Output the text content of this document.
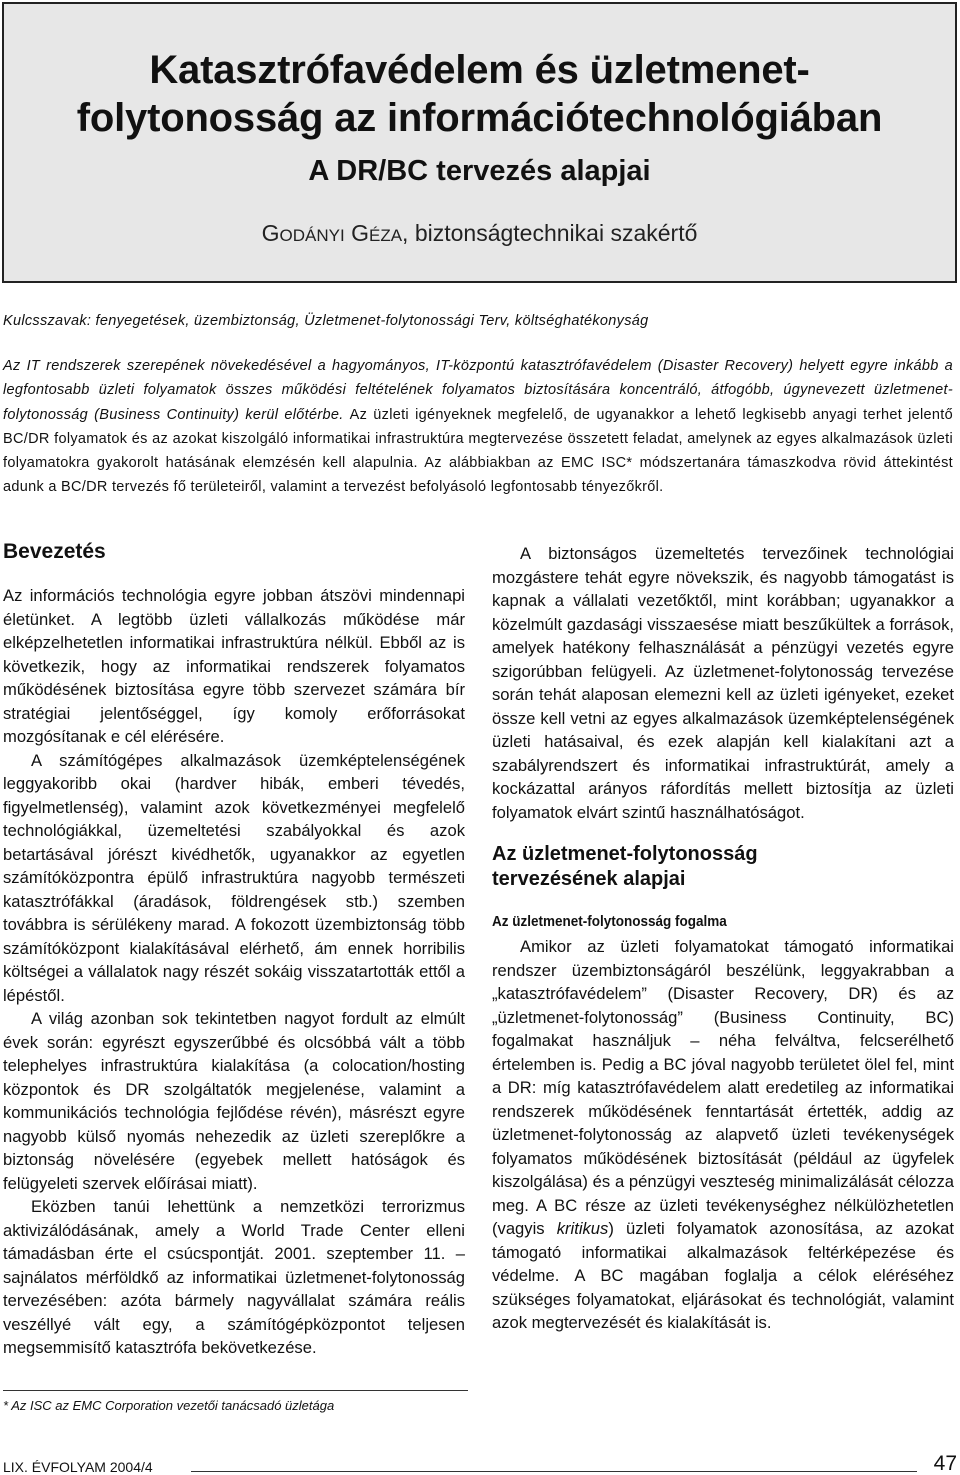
Katasztrófavédelem és üzletmenet-
folytonosság az információtechnológiában
A DR/BC tervezés alapjai
GODÁNYI GÉZA, biztonságtechnikai szakértő
Kulcsszavak: fenyegetések, üzembiztonság, Üzletmenet-folytonossági Terv, költséghatékonyság
Az IT rendszerek szerepének növekedésével a hagyományos, IT-központú katasztrófavédelem (Disaster Recovery) helyett egyre inkább a legfontosabb üzleti folyamatok összes működési feltételének folyamatos biztosítására koncentráló, átfogóbb, úgynevezett üzletmenet-folytonosság (Business Continuity) kerül előtérbe. Az üzleti igényeknek megfelelő, de ugyanakkor a lehető legkisebb anyagi terhet jelentő BC/DR folyamatok és az azokat kiszolgáló informatikai infrastruktúra megtervezése összetett feladat, amelynek az egyes alkalmazások üzleti folyamatokra gyakorolt hatásának elemzésén kell alapulnia. Az alábbiakban az EMC ISC* módszertanára támaszkodva rövid áttekintést adunk a BC/DR tervezés fő területeiről, valamint a tervezést befolyásoló legfontosabb tényezőkről.
Bevezetés

Az információs technológia egyre jobban átszövi mindennapi életünket. A legtöbb üzleti vállalkozás működése már elképzelhetetlen informatikai infrastruktúra nélkül. Ebből az is következik, hogy az informatikai rendszerek folyamatos működésének biztosítása egyre több szervezet számára bír stratégiai jelentőséggel, így komoly erőforrásokat mozgósítanak e cél elérésére.

A számítógépes alkalmazások üzemképtelenségének leggyakoribb okai (hardver hibák, emberi tévedés, figyelmetlenség), valamint azok következményei megfelelő technológiákkal, üzemeltetési szabályokkal és azok betartásával jórészt kivédhetők, ugyanakkor az egyetlen számítóközpontra épülő infrastruktúra nagyobb természeti katasztrófákkal (áradások, földrengések stb.) szemben továbbra is sérülékeny marad. A fokozott üzembiztonság több számítóközpont kialakításával elérhető, ám ennek horribilis költségei a vállalatok nagy részét sokáig visszatartották ettől a lépéstől.

A világ azonban sok tekintetben nagyot fordult az elmúlt évek során: egyrészt egyszerűbbé és olcsóbbá vált a több telephelyes infrastruktúra kialakítása (a colocation/hosting központok és DR szolgáltatók megjelenése, valamint a kommunikációs technológia fejlődése révén), másrészt egyre nagyobb külső nyomás nehezedik az üzleti szereplőkre a biztonság növelésére (egyebek mellett hatóságok és felügyeleti szervek előírásai miatt).

Eközben tanúi lehettünk a nemzetközi terrorizmus aktivizálódásának, amely a World Trade Center elleni támadásban érte el csúcspontját. 2001. szeptember 11. – sajnálatos mérföldkő az informatikai üzletmenet-folytonosság tervezésében: azóta bármely nagyvállalat számára reális veszéllyé vált egy, a számítógépközpontot teljesen megsemmisítő katasztrófa bekövetkezése.

A biztonságos üzemeltetés tervezőinek technológiai mozgástere tehát egyre növekszik, és nagyobb támogatást is kapnak a vállalati vezetőktől, mint korábban; ugyanakkor a közelmúlt gazdasági visszaesése miatt beszűkültek a források, amelyek hatékony felhasználását a pénzügyi vezetés egyre szigorúbban felügyeli. Az üzletmenet-folytonosság tervezése során tehát alaposan elemezni kell az üzleti igényeket, ezeket össze kell vetni az egyes alkalmazások üzemképtelenségének üzleti hatásaival, és ezek alapján kell kialakítani azt a szabályrendszert és informatikai infrastruktúrát, amely a kockázattal arányos ráfordítás mellett biztosítja az üzleti folyamatok elvárt szintű használhatóságot.

Az üzletmenet-folytonosság
tervezésének alapjai
Az üzletmenet-folytonosság fogalma

Amikor az üzleti folyamatokat támogató informatikai rendszer üzembiztonságáról beszélünk, leggyakrabban a „katasztrófavédelem” (Disaster Recovery, DR) és az „üzletmenet-folytonosság” (Business Continuity, BC) fogalmakat használjuk – néha felváltva, felcserélhető értelemben is. Pedig a BC jóval nagyobb területet ölel fel, mint a DR: míg katasztrófavédelem alatt eredetileg az informatikai rendszerek működésének fenntartását értették, addig az üzletmenet-folytonosság az alapvető üzleti tevékenységek folyamatos működésének biztosítását (például az ügyfelek kiszolgálása) és a pénzügyi veszteség minimalizálását célozza meg. A BC része az üzleti tevékenységhez nélkülözhetetlen (vagyis kritikus) üzleti folyamatok azonosítása, az azokat támogató informatikai alkalmazások feltérképezése és védelme. A BC magában foglalja a célok eléréséhez szükséges folyamatokat, eljárásokat és technológiát, valamint azok megtervezését és kialakítását is.

* Az ISC az EMC Corporation vezetői tanácsadó üzletága
LIX. ÉVFOLYAM 2004/4	47
